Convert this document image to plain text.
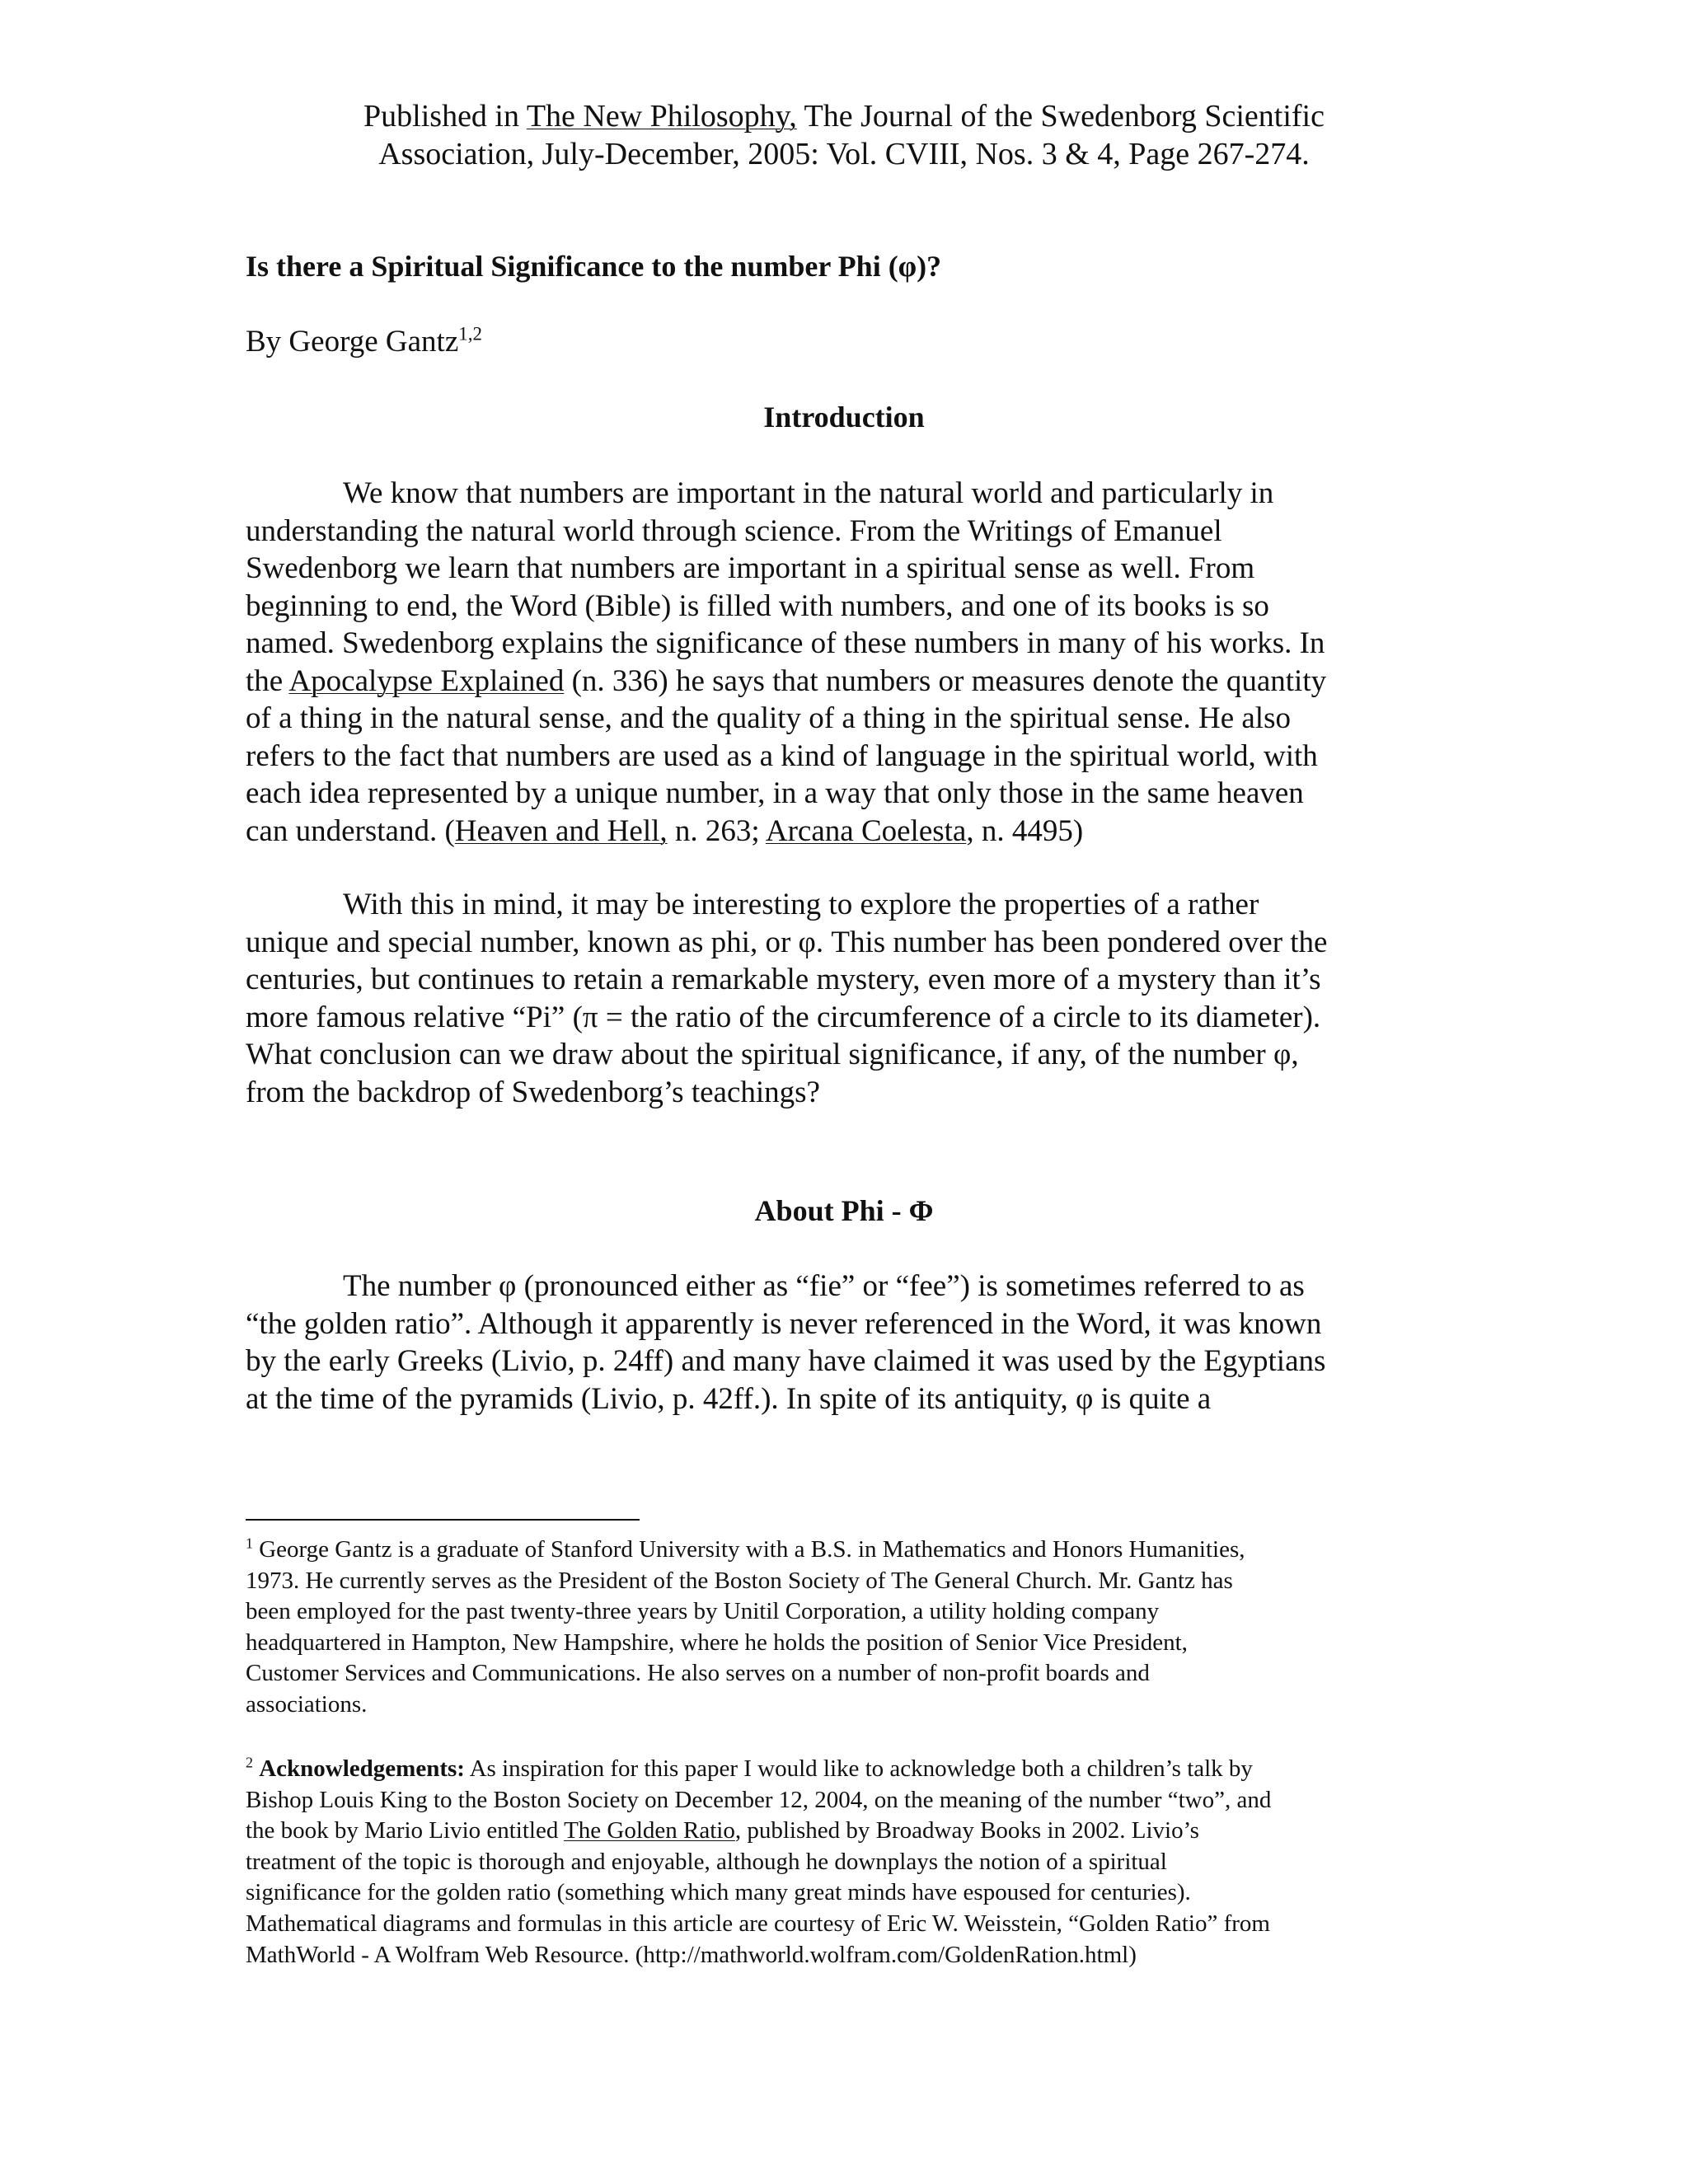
Published in The New Philosophy, The Journal of the Swedenborg Scientific
Association, July-December, 2005: Vol. CVIII, Nos. 3 & 4, Page 267-274.
Is there a Spiritual Significance to the number Phi (φ)?
By George Gantz$^{1,2}$
Introduction
We know that numbers are important in the natural world and particularly in
understanding the natural world through science. From the Writings of Emanuel
Swedenborg we learn that numbers are important in a spiritual sense as well. From
beginning to end, the Word (Bible) is filled with numbers, and one of its books is so
named. Swedenborg explains the significance of these numbers in many of his works. In
the Apocalypse Explained (n. 336) he says that numbers or measures denote the quantity
of a thing in the natural sense, and the quality of a thing in the spiritual sense. He also
refers to the fact that numbers are used as a kind of language in the spiritual world, with
each idea represented by a unique number, in a way that only those in the same heaven
can understand. (Heaven and Hell, n. 263; Arcana Coelesta, n. 4495)
With this in mind, it may be interesting to explore the properties of a rather
unique and special number, known as phi, or φ. This number has been pondered over the
centuries, but continues to retain a remarkable mystery, even more of a mystery than it’s
more famous relative “Pi” (π = the ratio of the circumference of a circle to its diameter).
What conclusion can we draw about the spiritual significance, if any, of the number φ,
from the backdrop of Swedenborg’s teachings?
About Phi - Φ
The number φ (pronounced either as “fie” or “fee”) is sometimes referred to as
“the golden ratio”. Although it apparently is never referenced in the Word, it was known
by the early Greeks (Livio, p. 24ff) and many have claimed it was used by the Egyptians
at the time of the pyramids (Livio, p. 42ff.). In spite of its antiquity, φ is quite a
$^1$ George Gantz is a graduate of Stanford University with a B.S. in Mathematics and Honors Humanities,
1973. He currently serves as the President of the Boston Society of The General Church. Mr. Gantz has
been employed for the past twenty-three years by Unitil Corporation, a utility holding company
headquartered in Hampton, New Hampshire, where he holds the position of Senior Vice President,
Customer Services and Communications. He also serves on a number of non-profit boards and
associations.
$^2$ Acknowledgements: As inspiration for this paper I would like to acknowledge both a children’s talk by
Bishop Louis King to the Boston Society on December 12, 2004, on the meaning of the number “two”, and
the book by Mario Livio entitled The Golden Ratio, published by Broadway Books in 2002. Livio’s
treatment of the topic is thorough and enjoyable, although he downplays the notion of a spiritual
significance for the golden ratio (something which many great minds have espoused for centuries).
Mathematical diagrams and formulas in this article are courtesy of Eric W. Weisstein, “Golden Ratio” from
MathWorld - A Wolfram Web Resource. (http://mathworld.wolfram.com/GoldenRation.html)
